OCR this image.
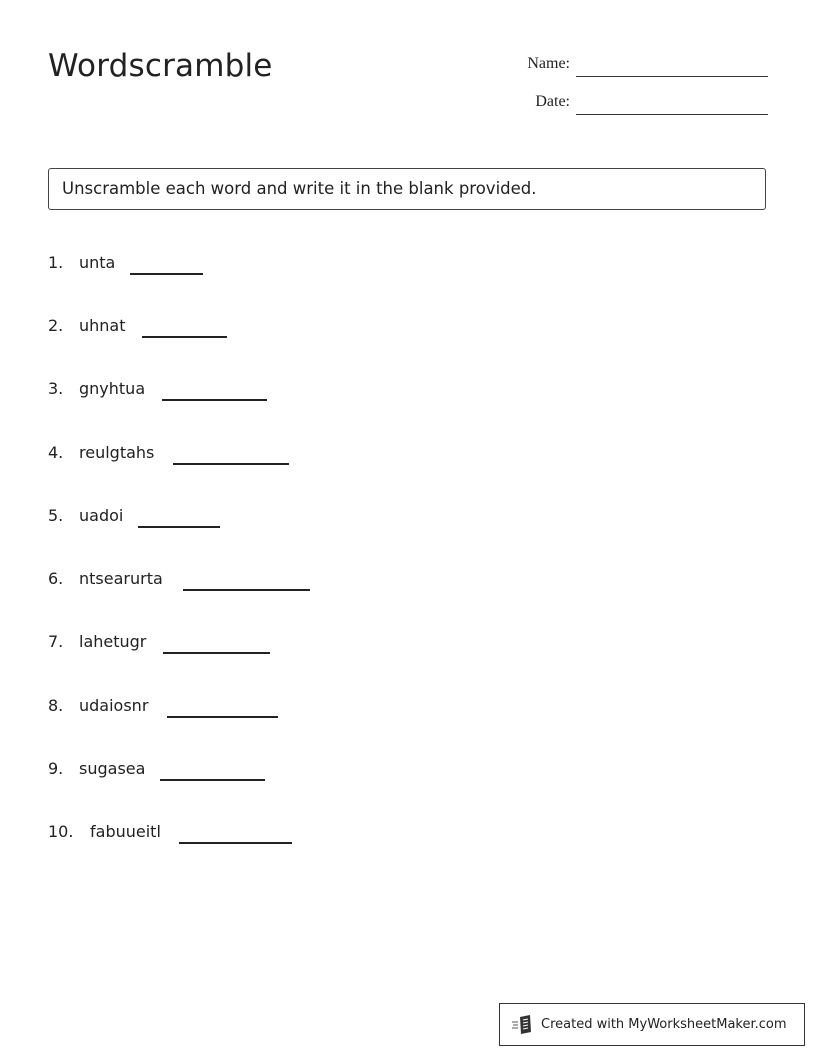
Wordscramble	Name:
Date:
Unscramble each word and write it in the blank provided.
1. unta
2. uhnat
3. gnyhtua
4. reulgtahs
5. uadoi
6. ntsearurta
7. lahetugr
8. udaiosnr
9. sugasea
10. fabuueitl
Created with MyWorksheetMaker.com
